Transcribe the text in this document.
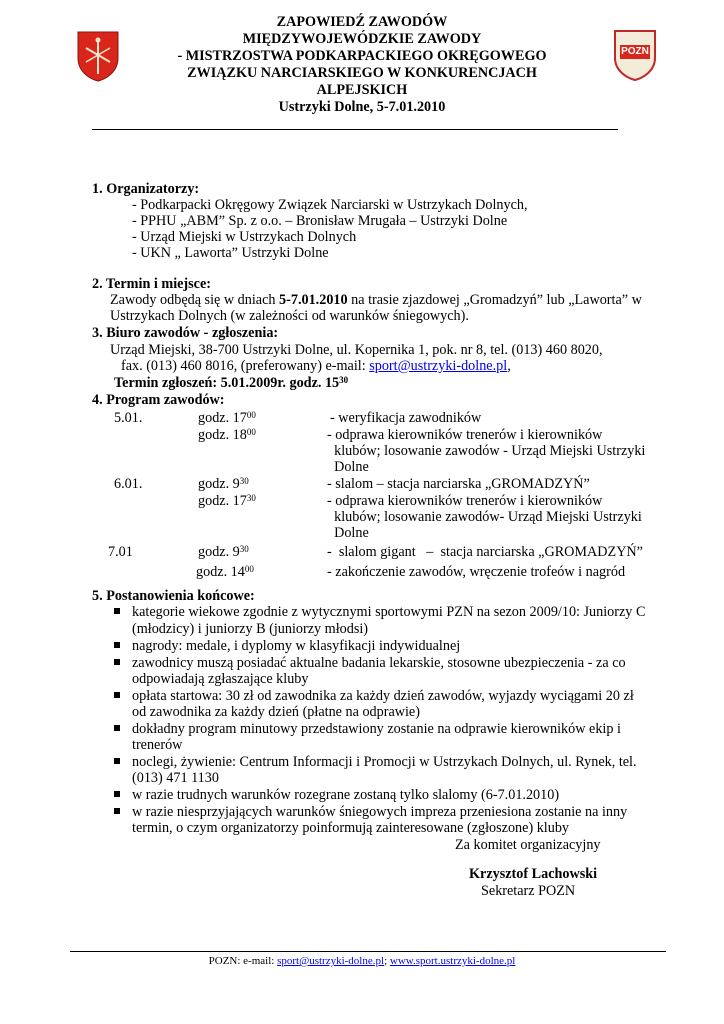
POZN
ZAPOWIEDŹ ZAWODÓW
MIĘDZYWOJEWÓDZKIE ZAWODY
- MISTRZOSTWA PODKARPACKIEGO OKRĘGOWEGO
ZWIĄZKU NARCIARSKIEGO W KONKURENCJACH
ALPEJSKICH
Ustrzyki Dolne, 5-7.01.2010
1. Organizatorzy:
- Podkarpacki Okręgowy Związek Narciarski w Ustrzykach Dolnych,
- PPHU „ABM” Sp. z o.o. – Bronisław Mrugała – Ustrzyki Dolne
- Urząd Miejski w Ustrzykach Dolnych
- UKN „ Laworta” Ustrzyki Dolne
2. Termin i miejsce:
Zawody odbędą się w dniach 5-7.01.2010 na trasie zjazdowej „Gromadzyń” lub „Laworta” w
Ustrzykach Dolnych (w zależności od warunków śniegowych).
3. Biuro zawodów - zgłoszenia:
Urząd Miejski, 38-700 Ustrzyki Dolne, ul. Kopernika 1, pok. nr 8, tel. (013) 460 8020,
fax. (013) 460 8016, (preferowany) e-mail: sport@ustrzyki-dolne.pl,
Termin zgłoszeń: 5.01.2009r. godz. $15^{30}$
4. Program zawodów:
5.01.	godz. $17^{00}$	- weryfikacja zawodników
godz. $18^{00}$	- odprawa kierowników trenerów i kierowników
klubów; losowanie zawodów - Urząd Miejski Ustrzyki
Dolne
6.01.	godz. $9^{30}$	- slalom – stacja narciarska „GROMADZYŃ”
godz. $17^{30}$	- odprawa kierowników trenerów i kierowników
klubów; losowanie zawodów- Urząd Miejski Ustrzyki
Dolne
7.01	godz. $9^{30}$	-  slalom gigant   –  stacja narciarska „GROMADZYŃ”
godz. $14^{00}$	- zakończenie zawodów, wręczenie trofeów i nagród
5. Postanowienia końcowe:
kategorie wiekowe zgodnie z wytycznymi sportowymi PZN na sezon 2009/10: Juniorzy C
(młodzicy) i juniorzy B (juniorzy młodsi)
nagrody: medale, i dyplomy w klasyfikacji indywidualnej
zawodnicy muszą posiadać aktualne badania lekarskie, stosowne ubezpieczenia - za co
odpowiadają zgłaszające kluby
opłata startowa: 30 zł od zawodnika za każdy dzień zawodów, wyjazdy wyciągami 20 zł
od zawodnika za każdy dzień (płatne na odprawie)
dokładny program minutowy przedstawiony zostanie na odprawie kierowników ekip i
trenerów
noclegi, żywienie: Centrum Informacji i Promocji w Ustrzykach Dolnych, ul. Rynek, tel.
(013) 471 1130
w razie trudnych warunków rozegrane zostaną tylko slalomy (6-7.01.2010)
w razie niesprzyjających warunków śniegowych impreza przeniesiona zostanie na inny
termin, o czym organizatorzy poinformują zainteresowane (zgłoszone) kluby
Za komitet organizacyjny
Krzysztof Lachowski
Sekretarz POZN
POZN: e-mail: sport@ustrzyki-dolne.pl; www.sport.ustrzyki-dolne.pl
